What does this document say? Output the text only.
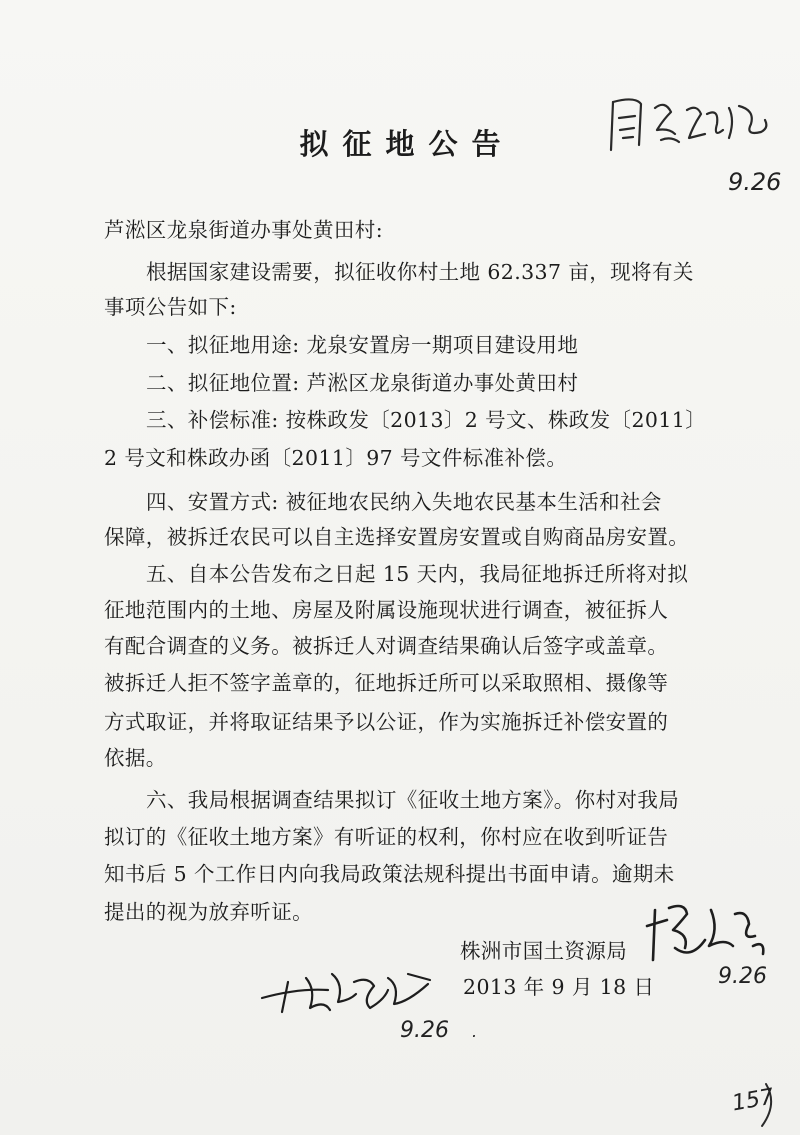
拟征地公告
芦淞区龙泉街道办事处黄田村:
根据国家建设需要，拟征收你村土地 62.337 亩，现将有关
事项公告如下:
一、拟征地用途: 龙泉安置房一期项目建设用地
二、拟征地位置: 芦淞区龙泉街道办事处黄田村
三、补偿标准: 按株政发〔2013〕2 号文、株政发〔2011〕
2 号文和株政办函〔2011〕97 号文件标准补偿。
四、安置方式: 被征地农民纳入失地农民基本生活和社会
保障，被拆迁农民可以自主选择安置房安置或自购商品房安置。
五、自本公告发布之日起 15 天内，我局征地拆迁所将对拟
征地范围内的土地、房屋及附属设施现状进行调查，被征拆人
有配合调查的义务。被拆迁人对调查结果确认后签字或盖章。
被拆迁人拒不签字盖章的，征地拆迁所可以采取照相、摄像等
方式取证，并将取证结果予以公证，作为实施拆迁补偿安置的
依据。
六、我局根据调查结果拟订《征收土地方案》。你村对我局
拟订的《征收土地方案》有听证的权利，你村应在收到听证告
知书后 5 个工作日内向我局政策法规科提出书面申请。逾期未
提出的视为放弃听证。
株洲市国土资源局
2013 年 9 月 18 日
9.26
9.26
9.26 .
157
